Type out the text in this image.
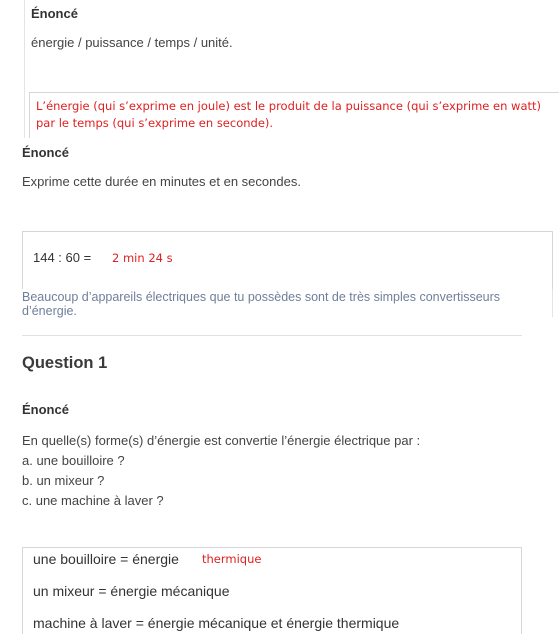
Énoncé
énergie / puissance / temps / unité.
L’énergie (qui s’exprime en joule) est le produit de la puissance (qui s’exprime en watt) par le temps (qui s’exprime en seconde).
Énoncé
Exprime cette durée en minutes et en secondes.
144 : 60 = 2 min 24 s
Beaucoup d’appareils électriques que tu possèdes sont de très simples convertisseurs d’énergie.
Question 1
Énoncé
En quelle(s) forme(s) d’énergie est convertie l’énergie électrique par :
a. une bouilloire ?
b. un mixeur ?
c. une machine à laver ?
une bouilloire = énergie thermique
un mixeur = énergie mécanique
machine à laver = énergie mécanique et énergie thermique
